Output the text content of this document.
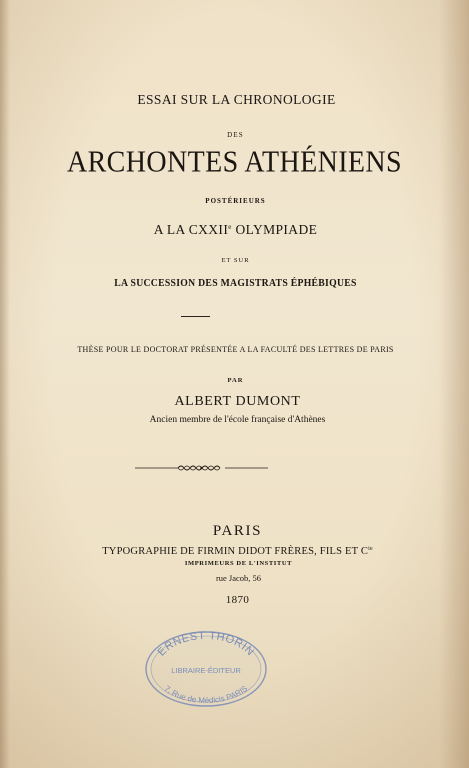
ESSAI SUR LA CHRONOLOGIE
DES
ARCHONTES ATHÉNIENS
POSTÉRIEURS
A LA CXXIIe OLYMPIADE
ET SUR
LA SUCCESSION DES MAGISTRATS ÉPHÉBIQUES
THÈSE POUR LE DOCTORAT PRÉSENTÉE A LA FACULTÉ DES LETTRES DE PARIS
PAR
ALBERT DUMONT
Ancien membre de l'école française d'Athènes
PARIS
TYPOGRAPHIE DE FIRMIN DIDOT FRÈRES, FILS ET $C^{ie}$
IMPRIMEURS DE L'INSTITUT
rue Jacob, 56
1870
ERNEST THORIN
LIBRAIRE-ÉDITEUR
7, Rue de Médicis PARIS
